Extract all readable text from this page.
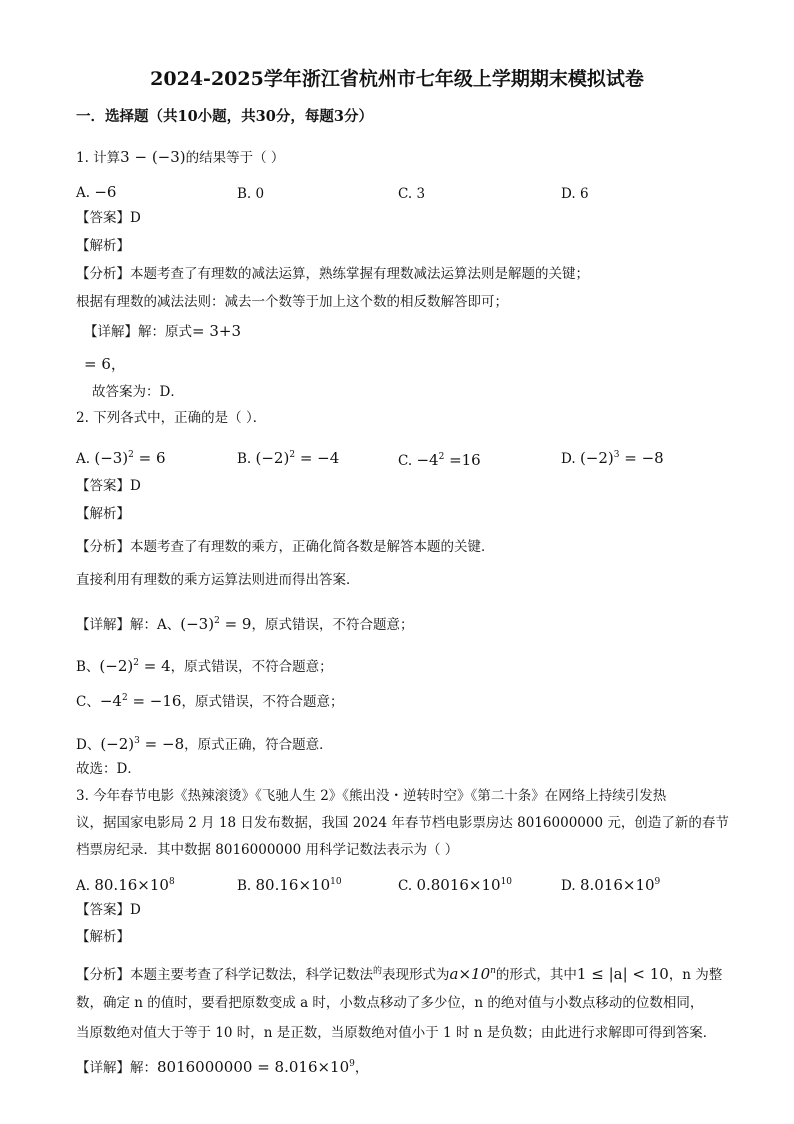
2024-2025学年浙江省杭州市七年级上学期期末模拟试卷
一．选择题（共10小题，共30分，每题3分）
1. 计算3 − (−3)的结果等于（ ）
A. −6	B. 0	C. 3	D. 6
【答案】D
【解析】
【分析】本题考查了有理数的减法运算，熟练掌握有理数减法运算法则是解题的关键；
根据有理数的减法法则：减去一个数等于加上这个数的相反数解答即可；
【详解】解：原式= 3+3
= 6，
故答案为：D．
2. 下列各式中，正确的是（ ）．
A. $(-3)^2 = 6$	B. $(-2)^2 = -4$	C. $-4^2 =16$	D. $(-2)^3 = -8$
【答案】D
【解析】
【分析】本题考查了有理数的乘方，正确化简各数是解答本题的关键．
直接利用有理数的乘方运算法则进而得出答案．
【详解】解：A、$(-3)^2 = 9$，原式错误，不符合题意；
B、$(-2)^2 = 4$，原式错误，不符合题意；
C、$-4^2 = -16$，原式错误，不符合题意；
D、$(-2)^3 = -8$，原式正确，符合题意．
故选：D．
3. 今年春节电影《热辣滚烫》《飞驰人生 2》《熊出没・逆转时空》《第二十条》在网络上持续引发热
议，据国家电影局 2 月 18 日发布数据，我国 2024 年春节档电影票房达 8016000000 元，创造了新的春节
档票房纪录．其中数据 8016000000 用科学记数法表示为（ ）
A. $80.16\times 10^8$	B. $80.16\times 10^{10}$	C. $0.8016\times 10^{10}$	D. $8.016\times 10^9$
【答案】D
【解析】
【分析】本题主要考查了科学记数法，科学记数法$^的$表现形式为$a\times 10^n$的形式，其中1 ≤ |a| < 10，n 为整
数，确定 n 的值时，要看把原数变成 a 时，小数点移动了多少位，n 的绝对值与小数点移动的位数相同，
当原数绝对值大于等于 10 时，n 是正数，当原数绝对值小于 1 时 n 是负数；由此进行求解即可得到答案．
【详解】解：$8016000000 = 8.016\times 10^9$，
